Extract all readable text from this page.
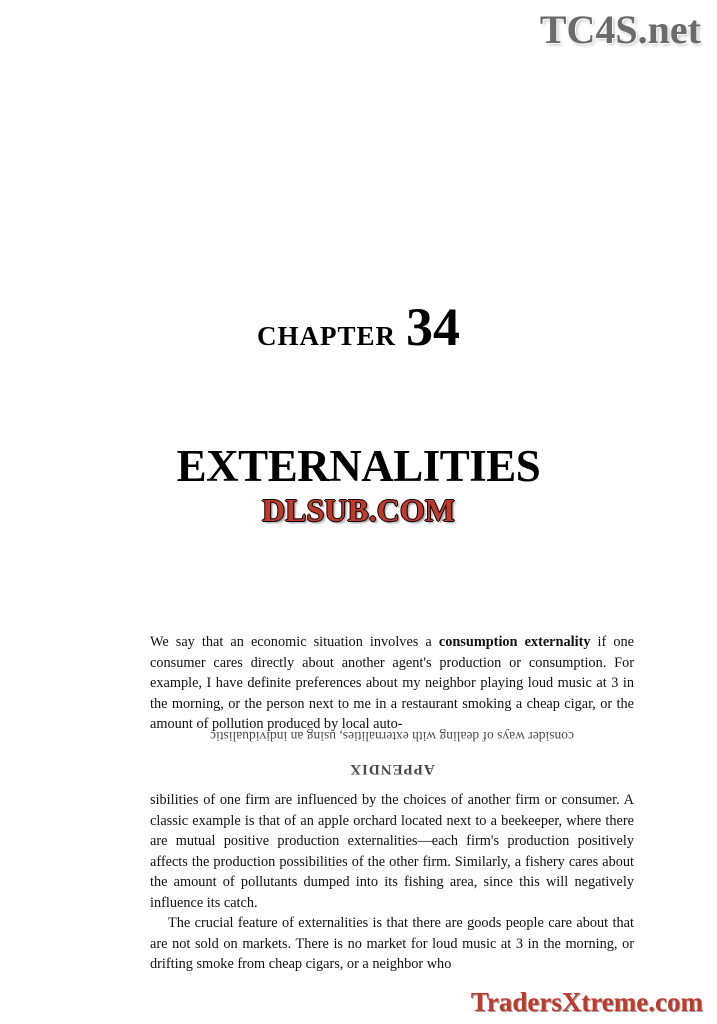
TC4S.net
CHAPTER 34
EXTERNALITIES
DLSUB.COM

We say that an economic situation involves a consumption externality if one consumer cares directly about another agent's production or consumption. For example, I have definite preferences about my neighbor playing loud music at 3 in the morning, or the person next to me in a restaurant smoking a cheap cigar, or the amount of pollution produced by local auto-

consider ways of dealing with externalities, using an individualistic
APPENDIX

sibilities of one firm are influenced by the choices of another firm or consumer. A classic example is that of an apple orchard located next to a beekeeper, where there are mutual positive production externalities—each firm's production positively affects the production possibilities of the other firm. Similarly, a fishery cares about the amount of pollutants dumped into its fishing area, since this will negatively influence its catch.

The crucial feature of externalities is that there are goods people care about that are not sold on markets. There is no market for loud music at 3 in the morning, or drifting smoke from cheap cigars, or a neighbor who

TradersXtreme.com
